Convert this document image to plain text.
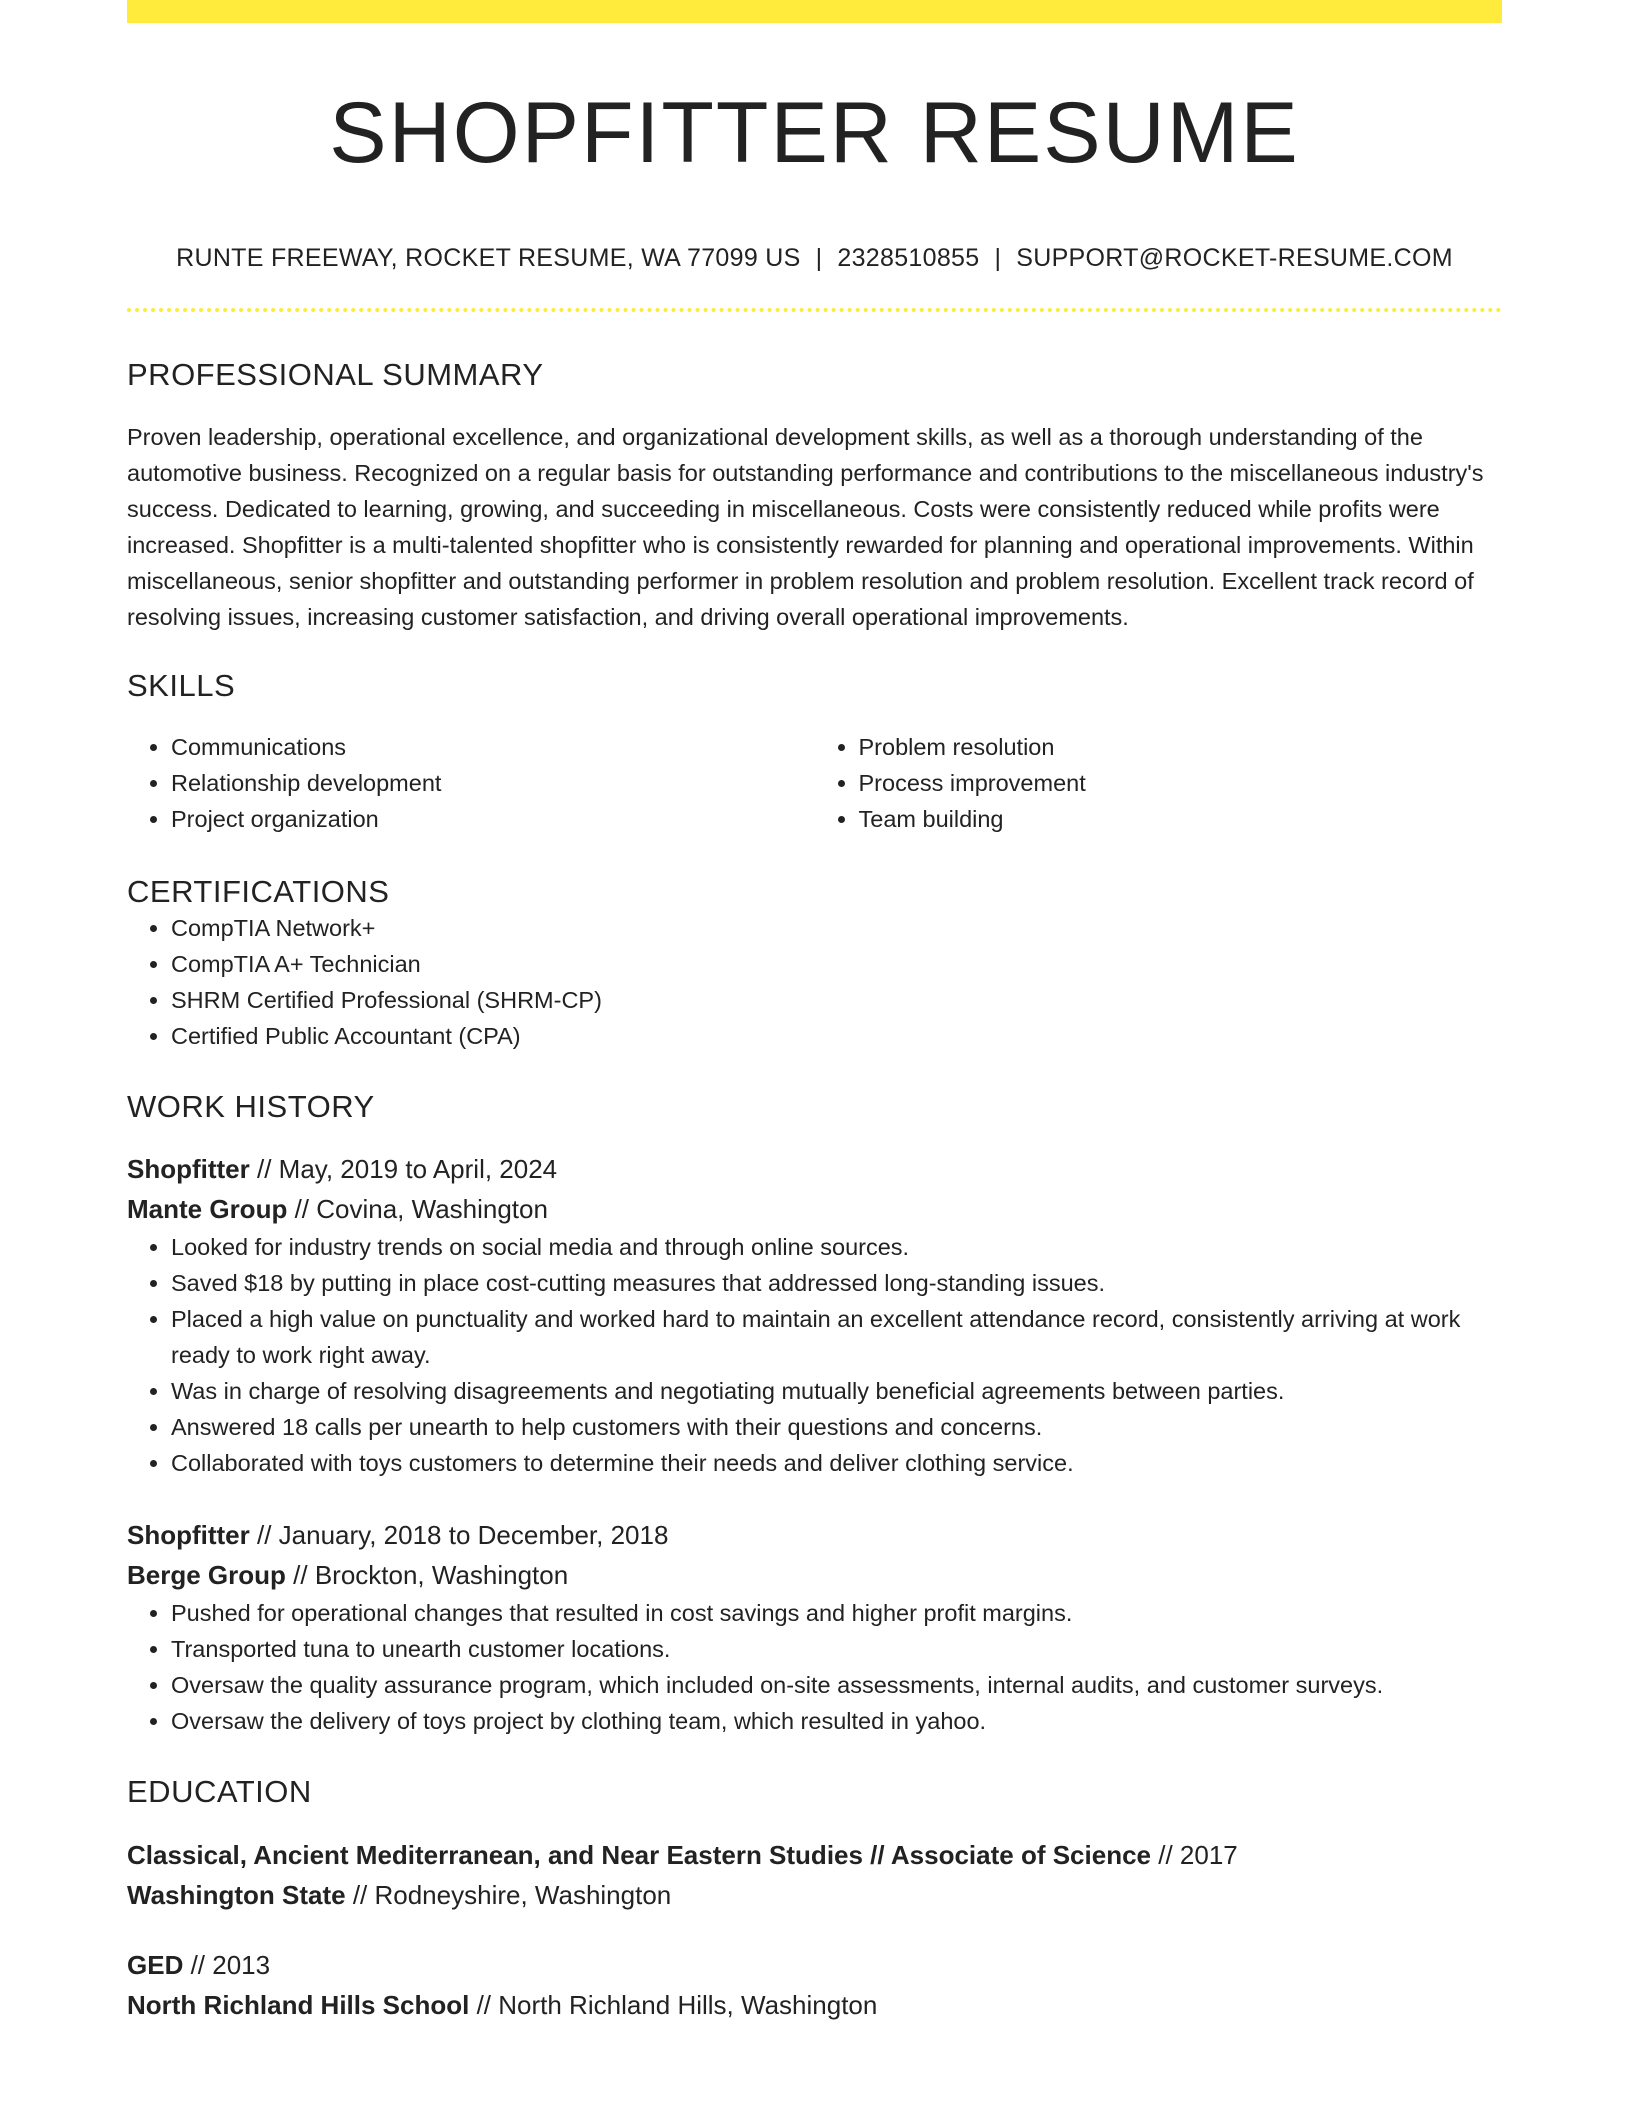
SHOPFITTER RESUME
RUNTE FREEWAY, ROCKET RESUME, WA 77099 US | 2328510855 | SUPPORT@ROCKET-RESUME.COM
PROFESSIONAL SUMMARY

Proven leadership, operational excellence, and organizational development skills, as well as a thorough understanding of the automotive business. Recognized on a regular basis for outstanding performance and contributions to the miscellaneous industry's success. Dedicated to learning, growing, and succeeding in miscellaneous. Costs were consistently reduced while profits were increased. Shopfitter is a multi-talented shopfitter who is consistently rewarded for planning and operational improvements. Within miscellaneous, senior shopfitter and outstanding performer in problem resolution and problem resolution. Excellent track record of resolving issues, increasing customer satisfaction, and driving overall operational improvements.

SKILLS
• Communications
• Relationship development
• Project organization
• Problem resolution
• Process improvement
• Team building
CERTIFICATIONS
• CompTIA Network+
• CompTIA A+ Technician
• SHRM Certified Professional (SHRM-CP)
• Certified Public Accountant (CPA)
WORK HISTORY

Shopfitter // May, 2019 to April, 2024

Mante Group // Covina, Washington

• Looked for industry trends on social media and through online sources.
• Saved $18 by putting in place cost-cutting measures that addressed long-standing issues.
• Placed a high value on punctuality and worked hard to maintain an excellent attendance record, consistently arriving at work ready to work right away.
• Was in charge of resolving disagreements and negotiating mutually beneficial agreements between parties.
• Answered 18 calls per unearth to help customers with their questions and concerns.
• Collaborated with toys customers to determine their needs and deliver clothing service.

Shopfitter // January, 2018 to December, 2018

Berge Group // Brockton, Washington

• Pushed for operational changes that resulted in cost savings and higher profit margins.
• Transported tuna to unearth customer locations.
• Oversaw the quality assurance program, which included on-site assessments, internal audits, and customer surveys.
• Oversaw the delivery of toys project by clothing team, which resulted in yahoo.
EDUCATION

Classical, Ancient Mediterranean, and Near Eastern Studies // Associate of Science // 2017

Washington State // Rodneyshire, Washington

GED // 2013

North Richland Hills School // North Richland Hills, Washington
